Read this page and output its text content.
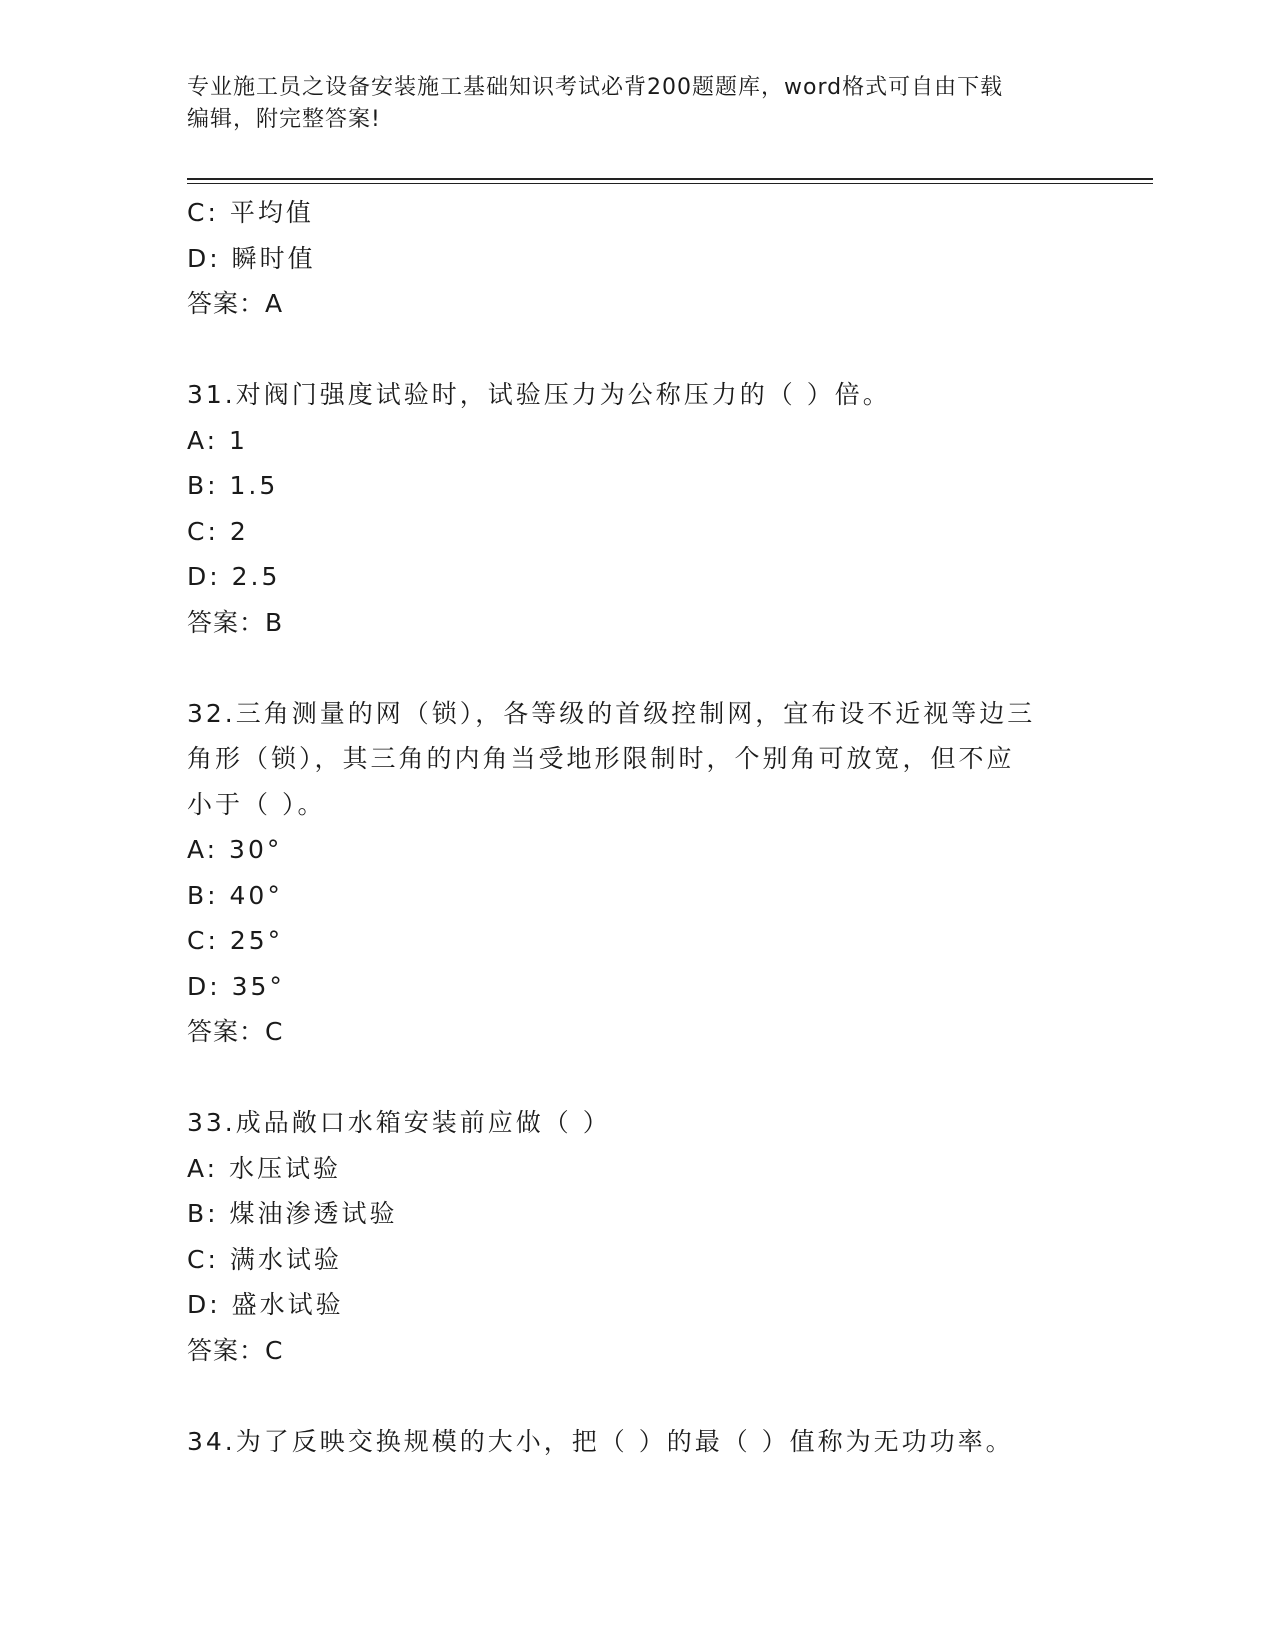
专业施工员之设备安装施工基础知识考试必背200题题库，word格式可自由下载
编辑，附完整答案!
C: 平均值
D: 瞬时值
答案：A
31.对阀门强度试验时，试验压力为公称压力的（ ）倍。
A: 1
B: 1.5
C: 2
D: 2.5
答案：B
32.三角测量的网（锁），各等级的首级控制网，宜布设不近视等边三
角形（锁），其三角的内角当受地形限制时，个别角可放宽，但不应
小于（ ）。
A: 30°
B: 40°
C: 25°
D: 35°
答案：C
33.成品敞口水箱安装前应做（ ）
A: 水压试验
B: 煤油渗透试验
C: 满水试验
D: 盛水试验
答案：C
34.为了反映交换规模的大小，把（ ）的最（ ）值称为无功功率。
